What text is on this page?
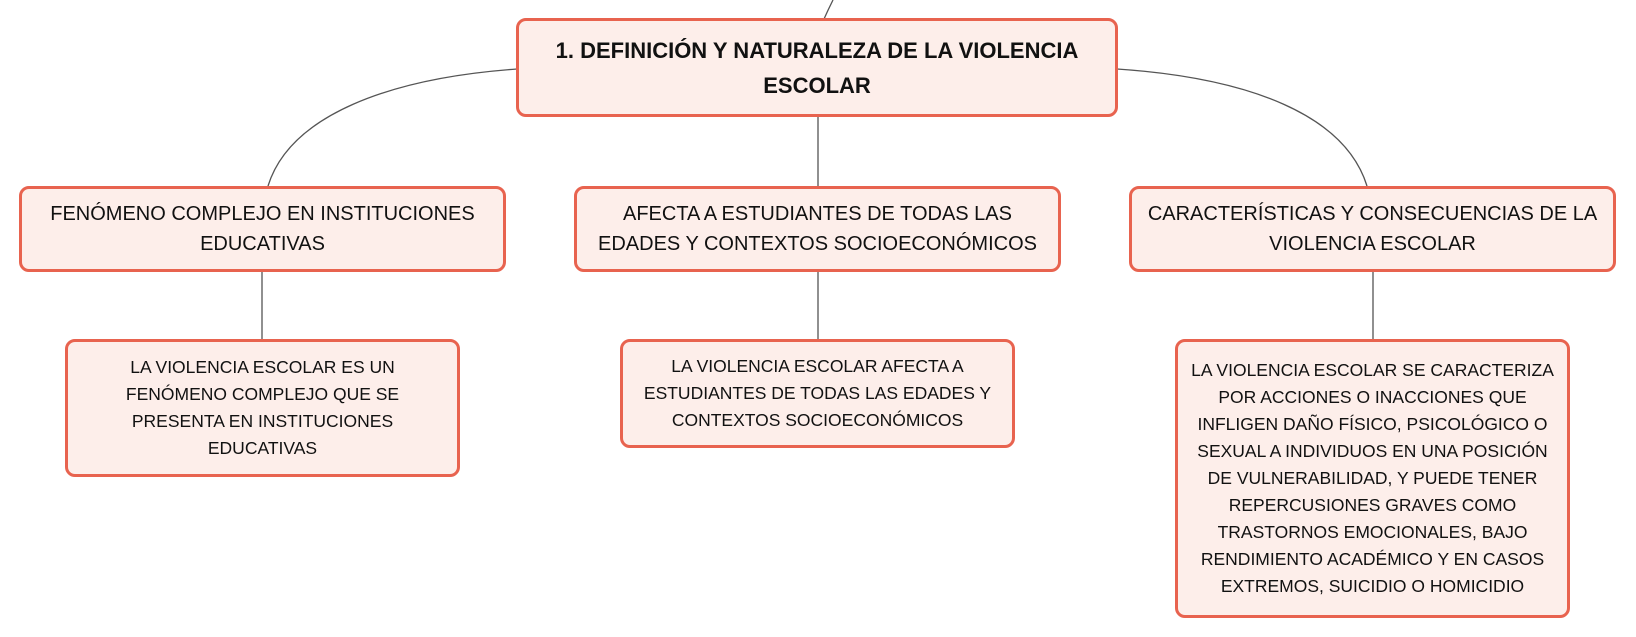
1. DEFINICIÓN Y NATURALEZA DE LA VIOLENCIA ESCOLAR
FENÓMENO COMPLEJO EN INSTITUCIONES EDUCATIVAS
AFECTA A ESTUDIANTES DE TODAS LAS EDADES Y CONTEXTOS SOCIOECONÓMICOS
CARACTERÍSTICAS Y CONSECUENCIAS DE LA VIOLENCIA ESCOLAR
LA VIOLENCIA ESCOLAR ES UN FENÓMENO COMPLEJO QUE SE PRESENTA EN INSTITUCIONES EDUCATIVAS
LA VIOLENCIA ESCOLAR AFECTA A ESTUDIANTES DE TODAS LAS EDADES Y CONTEXTOS SOCIOECONÓMICOS
LA VIOLENCIA ESCOLAR SE CARACTERIZA POR ACCIONES O INACCIONES QUE INFLIGEN DAÑO FÍSICO, PSICOLÓGICO O SEXUAL A INDIVIDUOS EN UNA POSICIÓN DE VULNERABILIDAD, Y PUEDE TENER REPERCUSIONES GRAVES COMO TRASTORNOS EMOCIONALES, BAJO RENDIMIENTO ACADÉMICO Y EN CASOS EXTREMOS, SUICIDIO O HOMICIDIO
